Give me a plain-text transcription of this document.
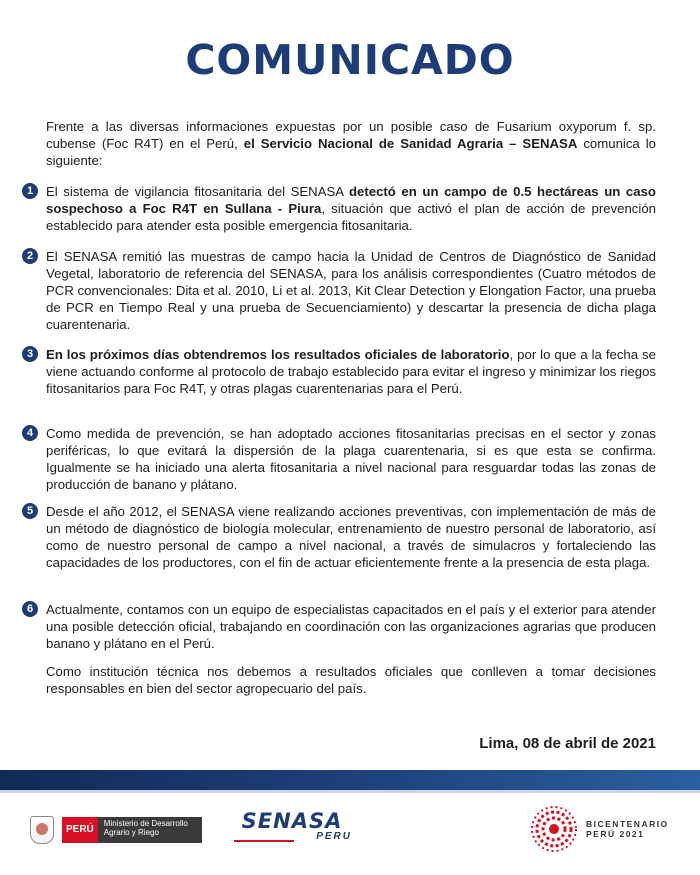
COMUNICADO
Frente a las diversas informaciones expuestas por un posible caso de Fusarium oxyporum f. sp. cubense (Foc R4T) en el Perú, el Servicio Nacional de Sanidad Agraria – SENASA comunica lo siguiente:
1 El sistema de vigilancia fitosanitaria del SENASA detectó en un campo de 0.5 hectáreas un caso sospechoso a Foc R4T en Sullana - Piura, situación que activó el plan de acción de prevención establecido para atender esta posible emergencia fitosanitaria.
2 El SENASA remitió las muestras de campo hacia la Unidad de Centros de Diagnóstico de Sanidad Vegetal, laboratorio de referencia del SENASA, para los análisis correspondientes (Cuatro métodos de PCR convencionales: Dita et al. 2010, Li et al. 2013, Kit Clear Detection y Elongation Factor, una prueba de PCR en Tiempo Real y una prueba de Secuenciamiento) y descartar la presencia de dicha plaga cuarentenaria.
3 En los próximos días obtendremos los resultados oficiales de laboratorio, por lo que a la fecha se viene actuando conforme al protocolo de trabajo establecido para evitar el ingreso y minimizar los riegos fitosanitarios para Foc R4T, y otras plagas cuarentenarias para el Perú.
4 Como medida de prevención, se han adoptado acciones fitosanitarias precisas en el sector y zonas periféricas, lo que evitará la dispersión de la plaga cuarentenaria, si es que esta se confirma. Igualmente se ha iniciado una alerta fitosanitaria a nivel nacional para resguardar todas las zonas de producción de banano y plátano.
5 Desde el año 2012, el SENASA viene realizando acciones preventivas, con implementación de más de un método de diagnóstico de biología molecular, entrenamiento de nuestro personal de laboratorio, así como de nuestro personal de campo a nivel nacional, a través de simulacros y fortaleciendo las capacidades de los productores, con el fin de actuar eficientemente frente a la presencia de esta plaga.
6 Actualmente, contamos con un equipo de especialistas capacitados en el país y el exterior para atender una posible detección oficial, trabajando en coordinación con las organizaciones agrarias que producen banano y plátano en el Perú.
Como institución técnica nos debemos a resultados oficiales que conlleven a tomar decisiones responsables en bien del sector agropecuario del país.
Lima, 08 de abril de 2021
PERÚ
Ministerio de Desarrollo Agrario y Riego	SENASA
PERU
BICENTENARIO
PERÚ 2021
